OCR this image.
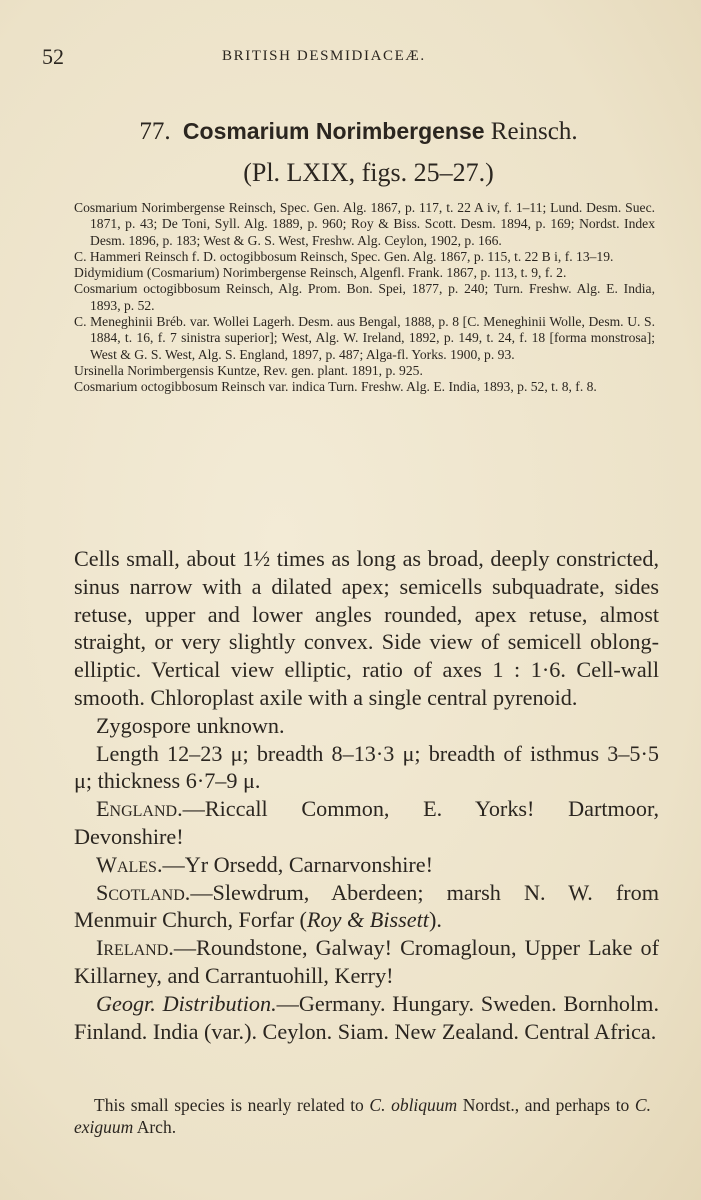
52	BRITISH DESMIDIACEÆ.
77. Cosmarium Norimbergense Reinsch.
(Pl. LXIX, figs. 25–27.)

Cosmarium Norimbergense Reinsch, Spec. Gen. Alg. 1867, p. 117, t. 22 A iv, f. 1–11; Lund. Desm. Suec. 1871, p. 43; De Toni, Syll. Alg. 1889, p. 960; Roy & Biss. Scott. Desm. 1894, p. 169; Nordst. Index Desm. 1896, p. 183; West & G. S. West, Freshw. Alg. Ceylon, 1902, p. 166.

C. Hammeri Reinsch f. D. octogibbosum Reinsch, Spec. Gen. Alg. 1867, p. 115, t. 22 B i, f. 13–19.

Didymidium (Cosmarium) Norimbergense Reinsch, Algenfl. Frank. 1867, p. 113, t. 9, f. 2.

Cosmarium octogibbosum Reinsch, Alg. Prom. Bon. Spei, 1877, p. 240; Turn. Freshw. Alg. E. India, 1893, p. 52.

C. Meneghinii Bréb. var. Wollei Lagerh. Desm. aus Bengal, 1888, p. 8 [C. Meneghinii Wolle, Desm. U. S. 1884, t. 16, f. 7 sinistra superior]; West, Alg. W. Ireland, 1892, p. 149, t. 24, f. 18 [forma monstrosa]; West & G. S. West, Alg. S. England, 1897, p. 487; Alga-fl. Yorks. 1900, p. 93.

Ursinella Norimbergensis Kuntze, Rev. gen. plant. 1891, p. 925.

Cosmarium octogibbosum Reinsch var. indica Turn. Freshw. Alg. E. India, 1893, p. 52, t. 8, f. 8.

Cells small, about 1½ times as long as broad, deeply constricted, sinus narrow with a dilated apex; semicells subquadrate, sides retuse, upper and lower angles rounded, apex retuse, almost straight, or very slightly convex. Side view of semicell oblong-elliptic. Vertical view elliptic, ratio of axes 1 : 1·6. Cell-wall smooth. Chloroplast axile with a single central pyrenoid.

Zygospore unknown.

Length 12–23 μ; breadth 8–13·3 μ; breadth of isthmus 3–5·5 μ; thickness 6·7–9 μ.

England.—Riccall Common, E. Yorks! Dartmoor, Devonshire!

Wales.—Yr Orsedd, Carnarvonshire!

Scotland.—Slewdrum, Aberdeen; marsh N. W. from Menmuir Church, Forfar (Roy & Bissett).

Ireland.—Roundstone, Galway! Cromagloun, Upper Lake of Killarney, and Carrantuohill, Kerry!

Geogr. Distribution.—Germany. Hungary. Sweden. Bornholm. Finland. India (var.). Ceylon. Siam. New Zealand. Central Africa.

This small species is nearly related to C. obliquum Nordst., and perhaps to C. exiguum Arch.
